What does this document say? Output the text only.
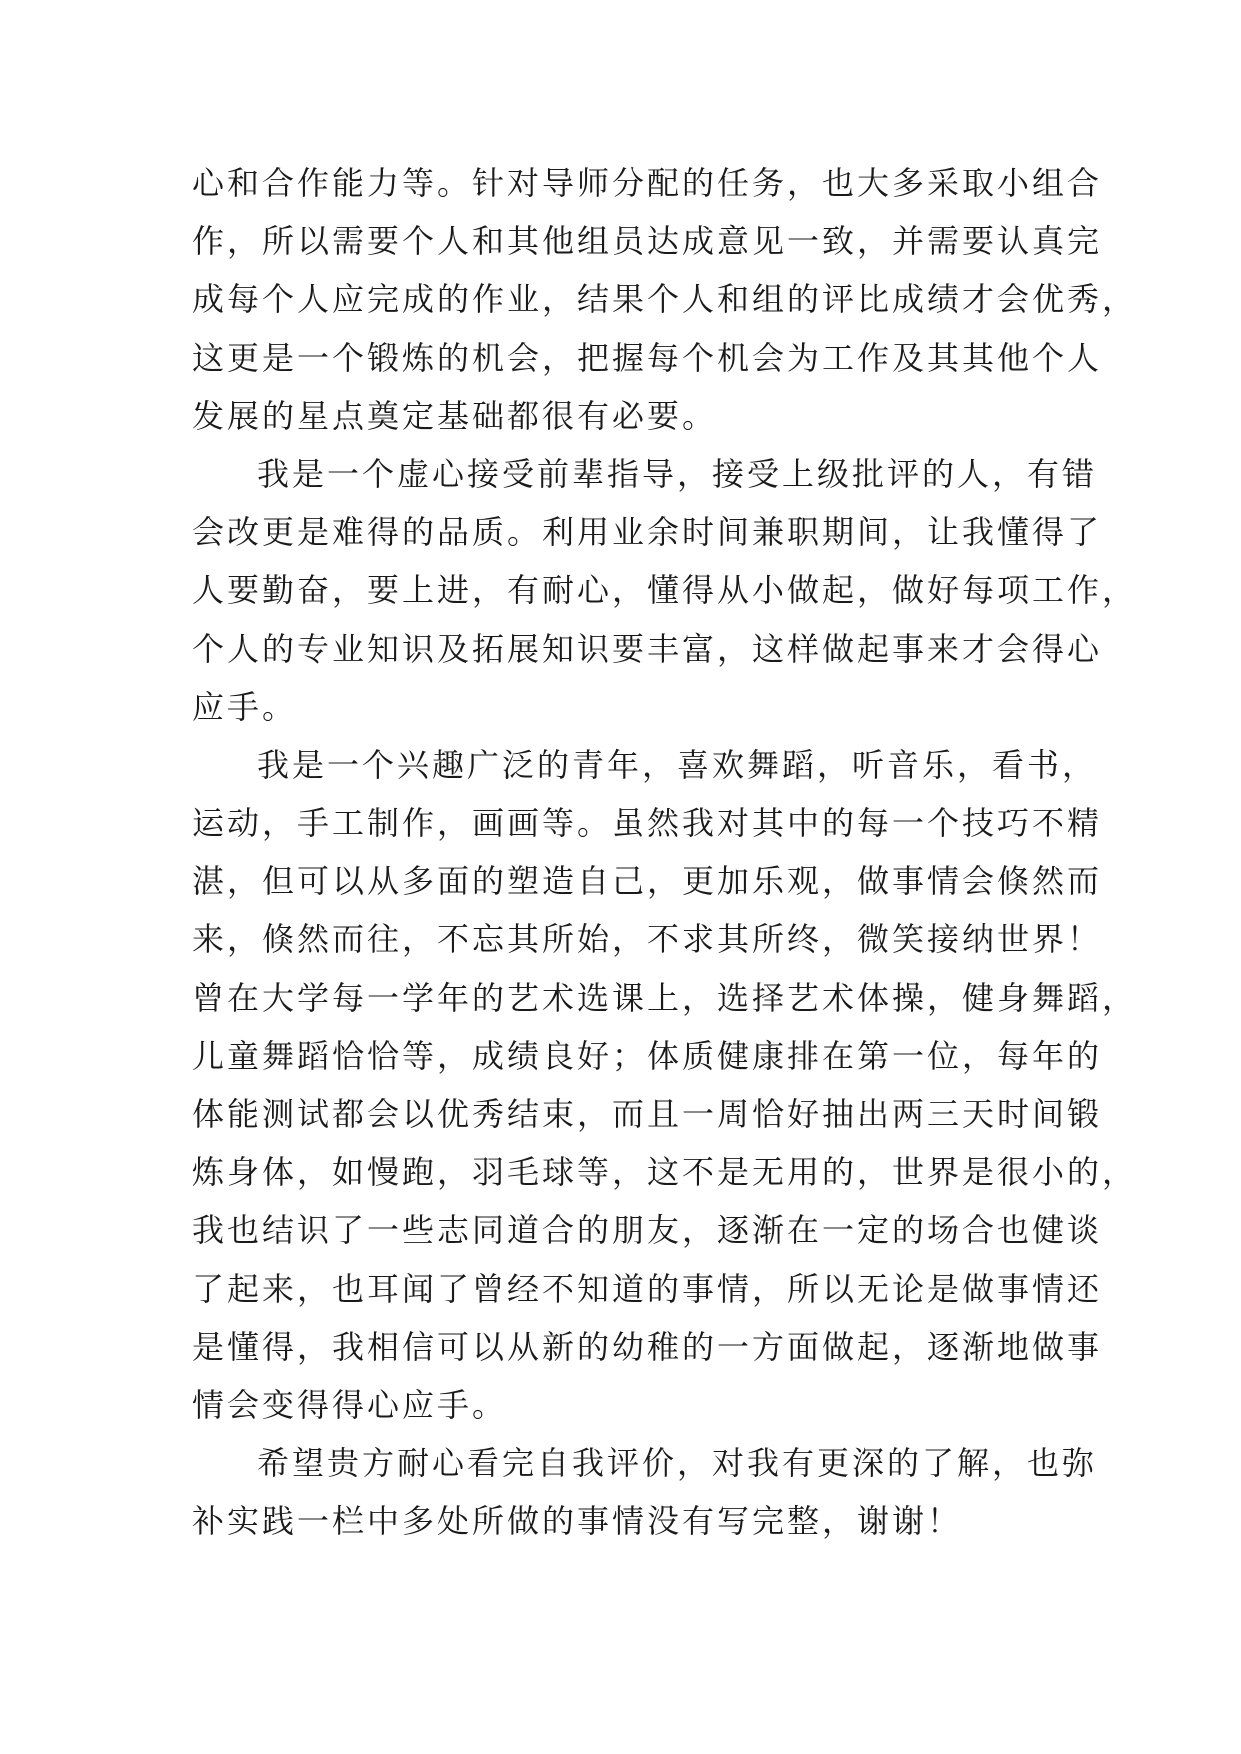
心和合作能力等。针对导师分配的任务，也大多采取小组合
作，所以需要个人和其他组员达成意见一致，并需要认真完
成每个人应完成的作业，结果个人和组的评比成绩才会优秀，
这更是一个锻炼的机会，把握每个机会为工作及其其他个人
发展的星点奠定基础都很有必要。
我是一个虚心接受前辈指导，接受上级批评的人，有错
会改更是难得的品质。利用业余时间兼职期间，让我懂得了
人要勤奋，要上进，有耐心，懂得从小做起，做好每项工作，
个人的专业知识及拓展知识要丰富，这样做起事来才会得心
应手。
我是一个兴趣广泛的青年，喜欢舞蹈，听音乐，看书，
运动，手工制作，画画等。虽然我对其中的每一个技巧不精
湛，但可以从多面的塑造自己，更加乐观，做事情会倏然而
来，倏然而往，不忘其所始，不求其所终，微笑接纳世界！
曾在大学每一学年的艺术选课上，选择艺术体操，健身舞蹈，
儿童舞蹈恰恰等，成绩良好；体质健康排在第一位，每年的
体能测试都会以优秀结束，而且一周恰好抽出两三天时间锻
炼身体，如慢跑，羽毛球等，这不是无用的，世界是很小的，
我也结识了一些志同道合的朋友，逐渐在一定的场合也健谈
了起来，也耳闻了曾经不知道的事情，所以无论是做事情还
是懂得，我相信可以从新的幼稚的一方面做起，逐渐地做事
情会变得得心应手。
希望贵方耐心看完自我评价，对我有更深的了解，也弥
补实践一栏中多处所做的事情没有写完整，谢谢！
